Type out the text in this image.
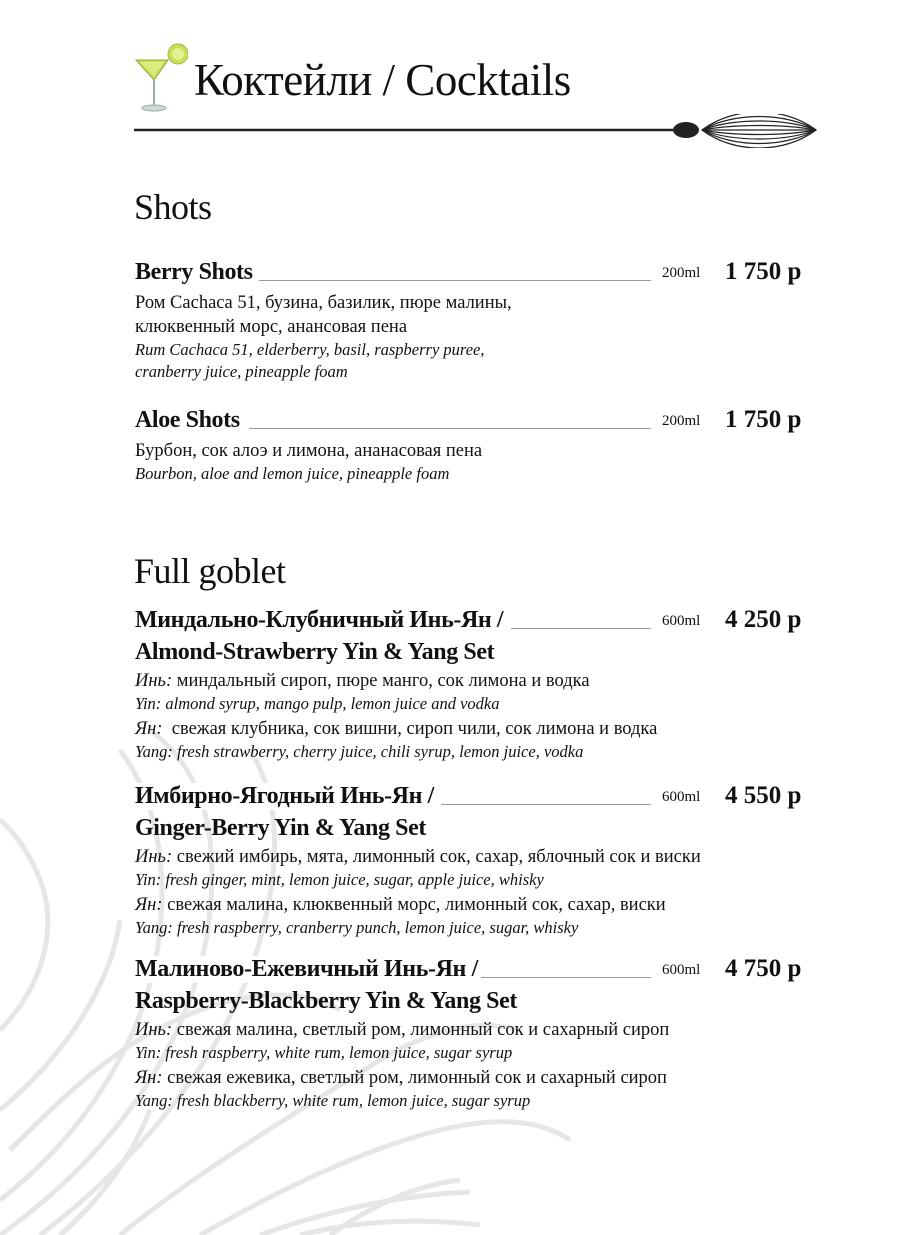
Коктейли / Cocktails
Shots
Berry Shots	200ml 1 750 р
Ром Cachaca 51, бузина, базилик, пюре малины,
клюквенный морс, анансовая пена
Rum Cachaca 51, elderberry, basil, raspberry puree,
cranberry juice, pineapple foam
Aloe Shots	200ml 1 750 р
Бурбон, сок алоэ и лимона, ананасовая пена
Bourbon, aloe and lemon juice, pineapple foam
Full goblet
Миндально-Клубничный Инь-Ян /	600ml 4 250 р
Almond-Strawberry Yin & Yang Set
Инь: миндальный сироп, пюре манго, сок лимона и водка
Yin: almond syrup, mango pulp, lemon juice and vodka
Ян: свежая клубника, сок вишни, сироп чили, сок лимона и водка
Yang: fresh strawberry, cherry juice, chili syrup, lemon juice, vodka
Имбирно-Ягодный Инь-Ян /	600ml 4 550 р
Ginger-Berry Yin & Yang Set
Инь: свежий имбирь, мята, лимонный сок, сахар, яблочный сок и виски
Yin: fresh ginger, mint, lemon juice, sugar, apple juice, whisky
Ян: свежая малина, клюквенный морс, лимонный сок, сахар, виски
Yang: fresh raspberry, cranberry punch, lemon juice, sugar, whisky
Малиново-Ежевичный Инь-Ян /	600ml 4 750 р
Raspberry-Blackberry Yin & Yang Set
Инь: свежая малина, светлый ром, лимонный сок и сахарный сироп
Yin: fresh raspberry, white rum, lemon juice, sugar syrup
Ян: свежая ежевика, светлый ром, лимонный сок и сахарный сироп
Yang: fresh blackberry, white rum, lemon juice, sugar syrup
